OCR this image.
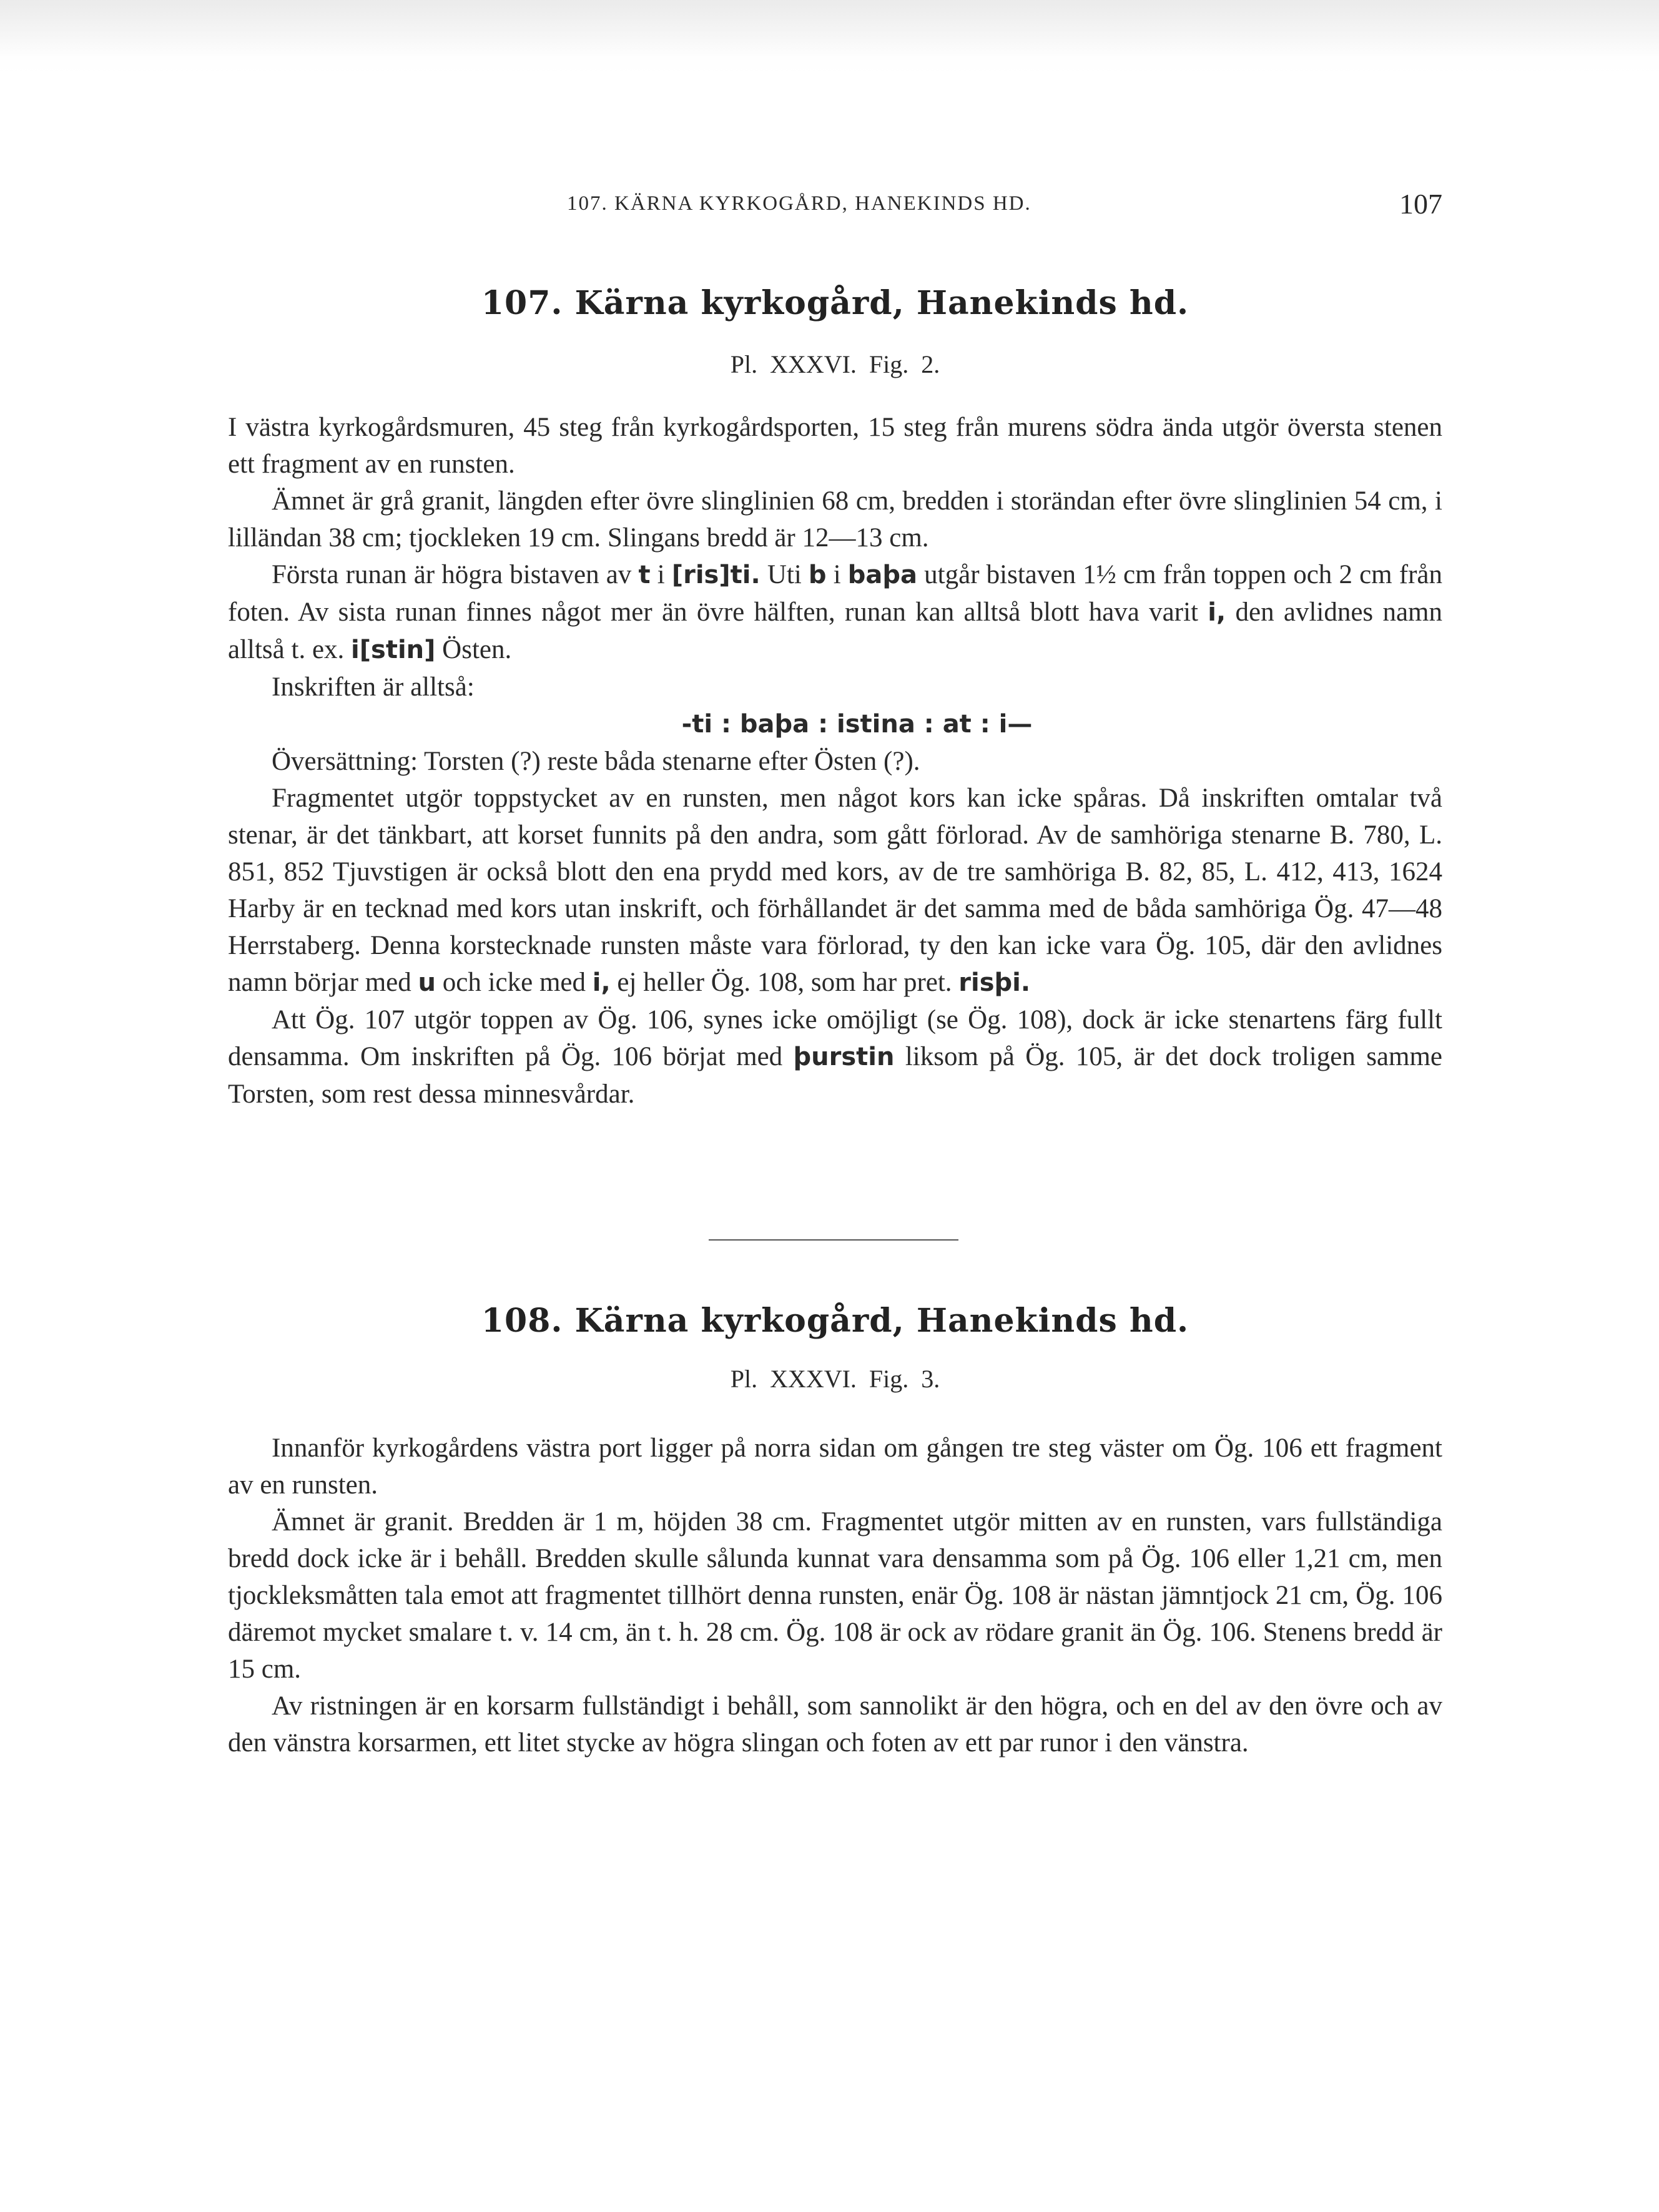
107. KÄRNA KYRKOGÅRD, HANEKINDS HD.	107
107. Kärna kyrkogård, Hanekinds hd.
Pl. XXXVI. Fig. 2.

I västra kyrkogårdsmuren, 45 steg från kyrkogårdsporten, 15 steg från murens södra ända utgör översta stenen ett fragment av en runsten.

Ämnet är grå granit, längden efter övre slinglinien 68 cm, bredden i storändan efter övre slinglinien 54 cm, i lilländan 38 cm; tjockleken 19 cm. Slingans bredd är 12—13 cm.

Första runan är högra bistaven av t i [ris]ti. Uti b i baþa utgår bistaven 1½ cm från toppen och 2 cm från foten. Av sista runan finnes något mer än övre hälften, runan kan alltså blott hava varit i, den avlidnes namn alltså t. ex. i[stin] Östen.

Inskriften är alltså:

-ti : baþa : istina : at : i—

Översättning: Torsten (?) reste båda stenarne efter Östen (?).

Fragmentet utgör toppstycket av en runsten, men något kors kan icke spåras. Då inskriften omtalar två stenar, är det tänkbart, att korset funnits på den andra, som gått förlorad. Av de samhöriga stenarne B. 780, L. 851, 852 Tjuvstigen är också blott den ena prydd med kors, av de tre samhöriga B. 82, 85, L. 412, 413, 1624 Harby är en tecknad med kors utan inskrift, och förhållandet är det samma med de båda samhöriga Ög. 47—48 Herrstaberg. Denna korstecknade runsten måste vara förlorad, ty den kan icke vara Ög. 105, där den avlidnes namn börjar med u och icke med i, ej heller Ög. 108, som har pret. risþi.

Att Ög. 107 utgör toppen av Ög. 106, synes icke omöjligt (se Ög. 108), dock är icke stenartens färg fullt densamma. Om inskriften på Ög. 106 börjat med þurstin liksom på Ög. 105, är det dock troligen samme Torsten, som rest dessa minnesvårdar.

108. Kärna kyrkogård, Hanekinds hd.
Pl. XXXVI. Fig. 3.

Innanför kyrkogårdens västra port ligger på norra sidan om gången tre steg väster om Ög. 106 ett fragment av en runsten.

Ämnet är granit. Bredden är 1 m, höjden 38 cm. Fragmentet utgör mitten av en runsten, vars fullständiga bredd dock icke är i behåll. Bredden skulle sålunda kunnat vara densamma som på Ög. 106 eller 1,21 cm, men tjockleksmåtten tala emot att fragmentet tillhört denna runsten, enär Ög. 108 är nästan jämntjock 21 cm, Ög. 106 däremot mycket smalare t. v. 14 cm, än t. h. 28 cm. Ög. 108 är ock av rödare granit än Ög. 106. Stenens bredd är 15 cm.

Av ristningen är en korsarm fullständigt i behåll, som sannolikt är den högra, och en del av den övre och av den vänstra korsarmen, ett litet stycke av högra slingan och foten av ett par runor i den vänstra.
